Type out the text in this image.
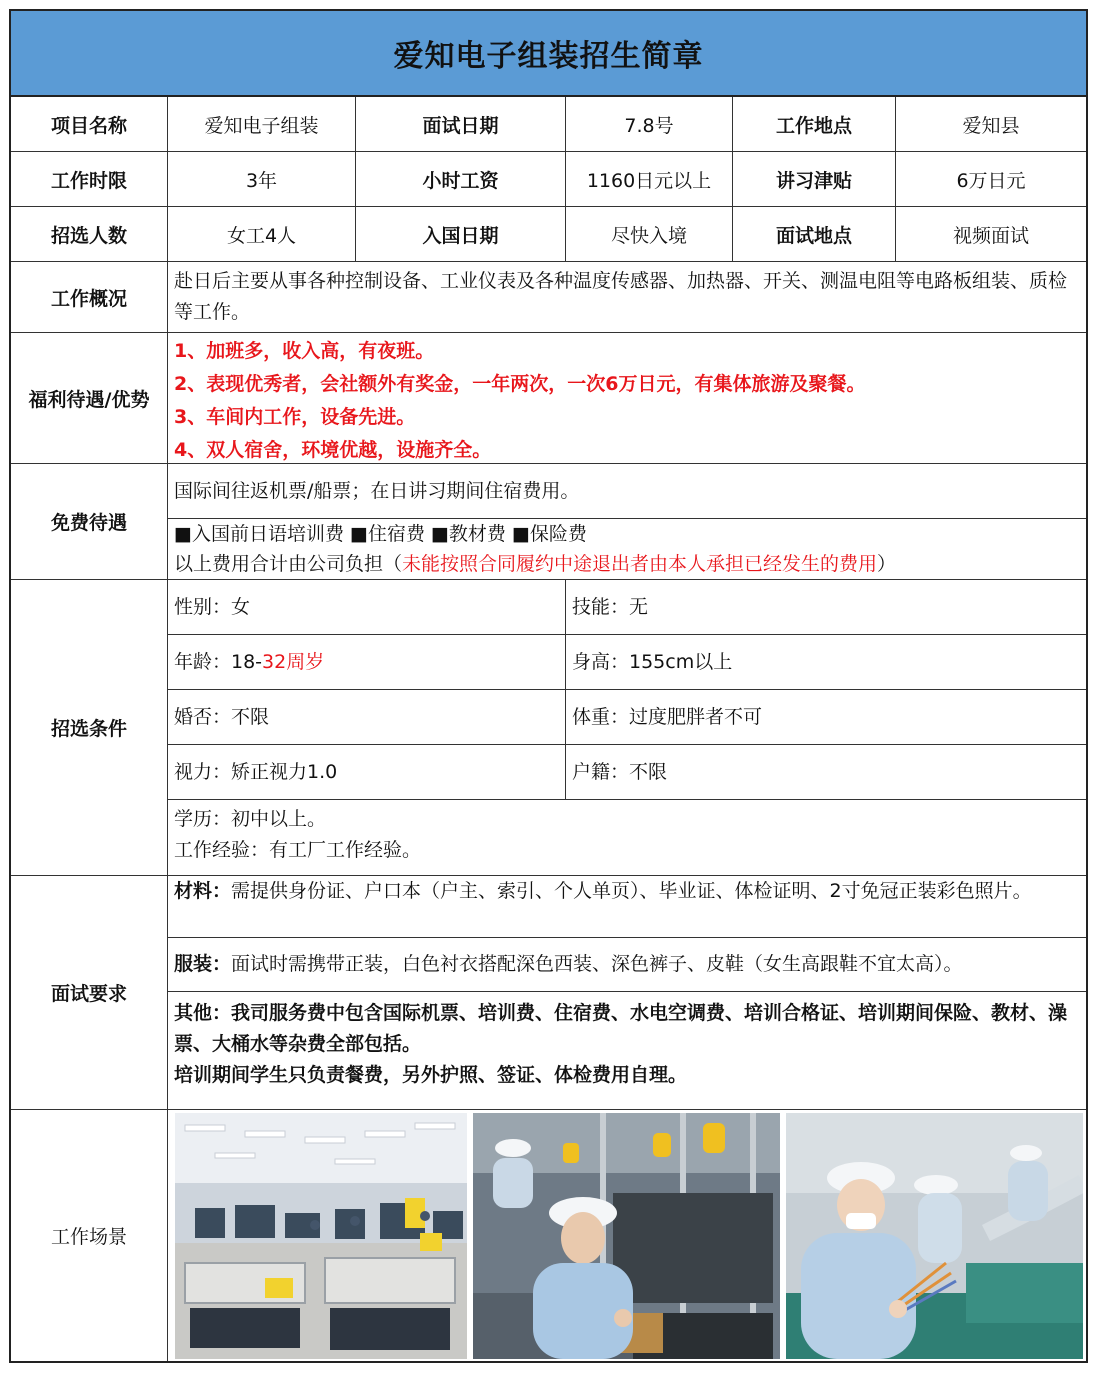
爱知电子组装招生简章
项目名称	爱知电子组装	面试日期	7.8号	工作地点	爱知县
工作时限	3年	小时工资	1160日元以上	讲习津贴	6万日元
招选人数	女工4人	入国日期	尽快入境	面试地点	视频面试
工作概况
赴日后主要从事各种控制设备、工业仪表及各种温度传感器、加热器、开关、测温电阻等电路板组装、质检等工作。
福利待遇/优势
1、加班多，收入高，有夜班。
2、表现优秀者，会社额外有奖金，一年两次，一次6万日元，有集体旅游及聚餐。
3、车间内工作，设备先进。
4、双人宿舍，环境优越，设施齐全。
免费待遇
国际间往返机票/船票；在日讲习期间住宿费用。
■入国前日语培训费 ■住宿费 ■教材费 ■保险费
以上费用合计由公司负担（未能按照合同履约中途退出者由本人承担已经发生的费用）
招选条件
性别：女	技能：无
年龄：18- 32周岁	身高：155cm以上
婚否：不限	体重：过度肥胖者不可
视力：矫正视力1.0	户籍：不限
学历：初中以上。
工作经验：有工厂工作经验。
面试要求
材料：需提供身份证、户口本（户主、索引、个人单页）、毕业证、体检证明、2寸免冠正装彩色照片。
服装：面试时需携带正装，白色衬衣搭配深色西装、深色裤子、皮鞋（女生高跟鞋不宜太高）。
其他：我司服务费中包含国际机票、培训费、住宿费、水电空调费、培训合格证、培训期间保险、教材、澡票、大桶水等杂费全部包括。
培训期间学生只负责餐费，另外护照、签证、体检费用自理。
工作场景
